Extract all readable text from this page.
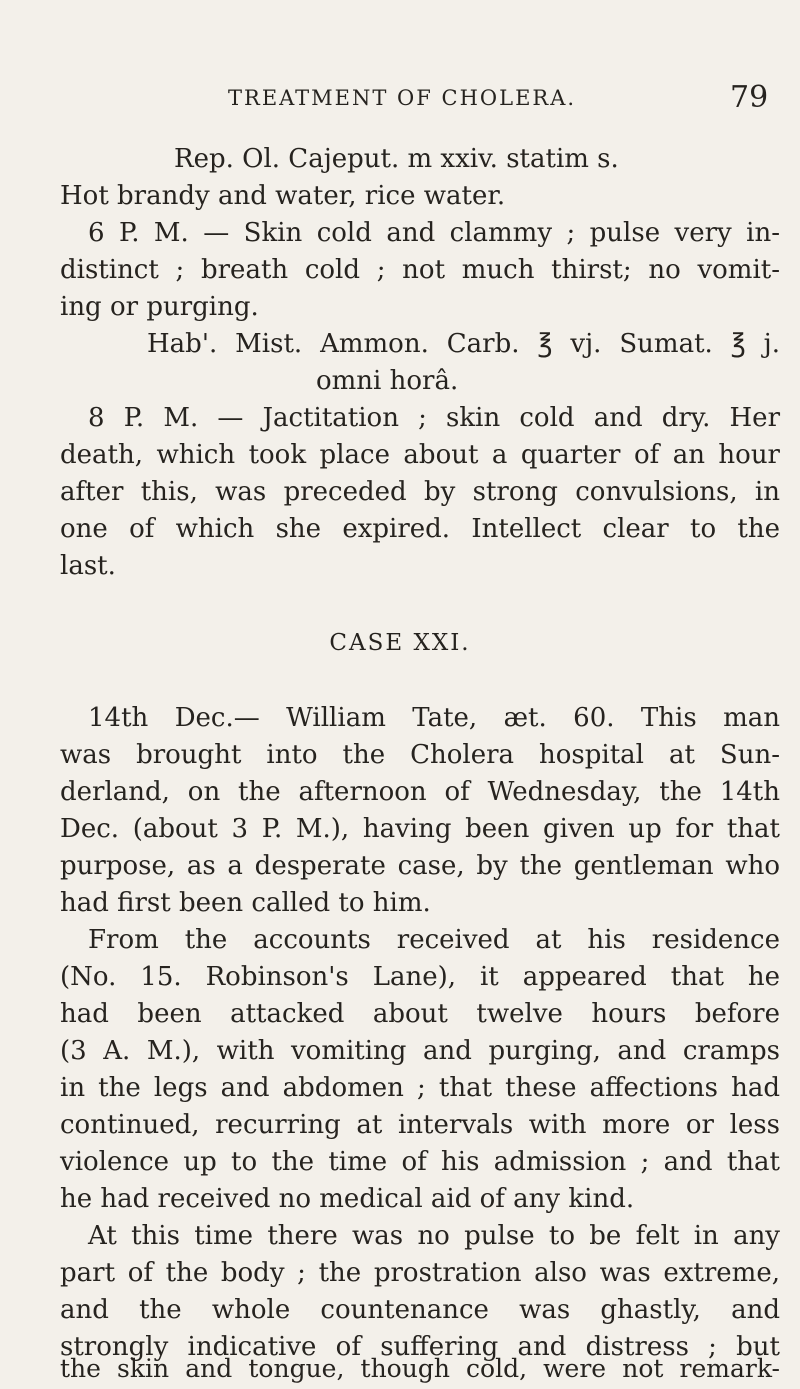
TREATMENT OF CHOLERA.	79
Rep. Ol. Cajeput. m xxiv. statim s.
Hot brandy and water, rice water.
6 P. M. — Skin cold and clammy ; pulse very in-
distinct ; breath cold ; not much thirst; no vomit-
ing or purging.
Hab'. Mist. Ammon. Carb. ℥ vj. Sumat. ℥ j.
omni horâ.
8 P. M. — Jactitation ; skin cold and dry. Her
death, which took place about a quarter of an hour
after this, was preceded by strong convulsions, in
one of which she expired. Intellect clear to the
last.
CASE XXI.
14th Dec.— William Tate, æt. 60. This man
was brought into the Cholera hospital at Sun-
derland, on the afternoon of Wednesday, the 14th
Dec. (about 3 P. M.), having been given up for that
purpose, as a desperate case, by the gentleman who
had first been called to him.
From the accounts received at his residence
(No. 15. Robinson's Lane), it appeared that he
had been attacked about twelve hours before
(3 A. M.), with vomiting and purging, and cramps
in the legs and abdomen ; that these affections had
continued, recurring at intervals with more or less
violence up to the time of his admission ; and that
he had received no medical aid of any kind.
At this time there was no pulse to be felt in any
part of the body ; the prostration also was extreme,
and the whole countenance was ghastly, and
strongly indicative of suffering and distress ; but
the skin and tongue, though cold, were not remark-
